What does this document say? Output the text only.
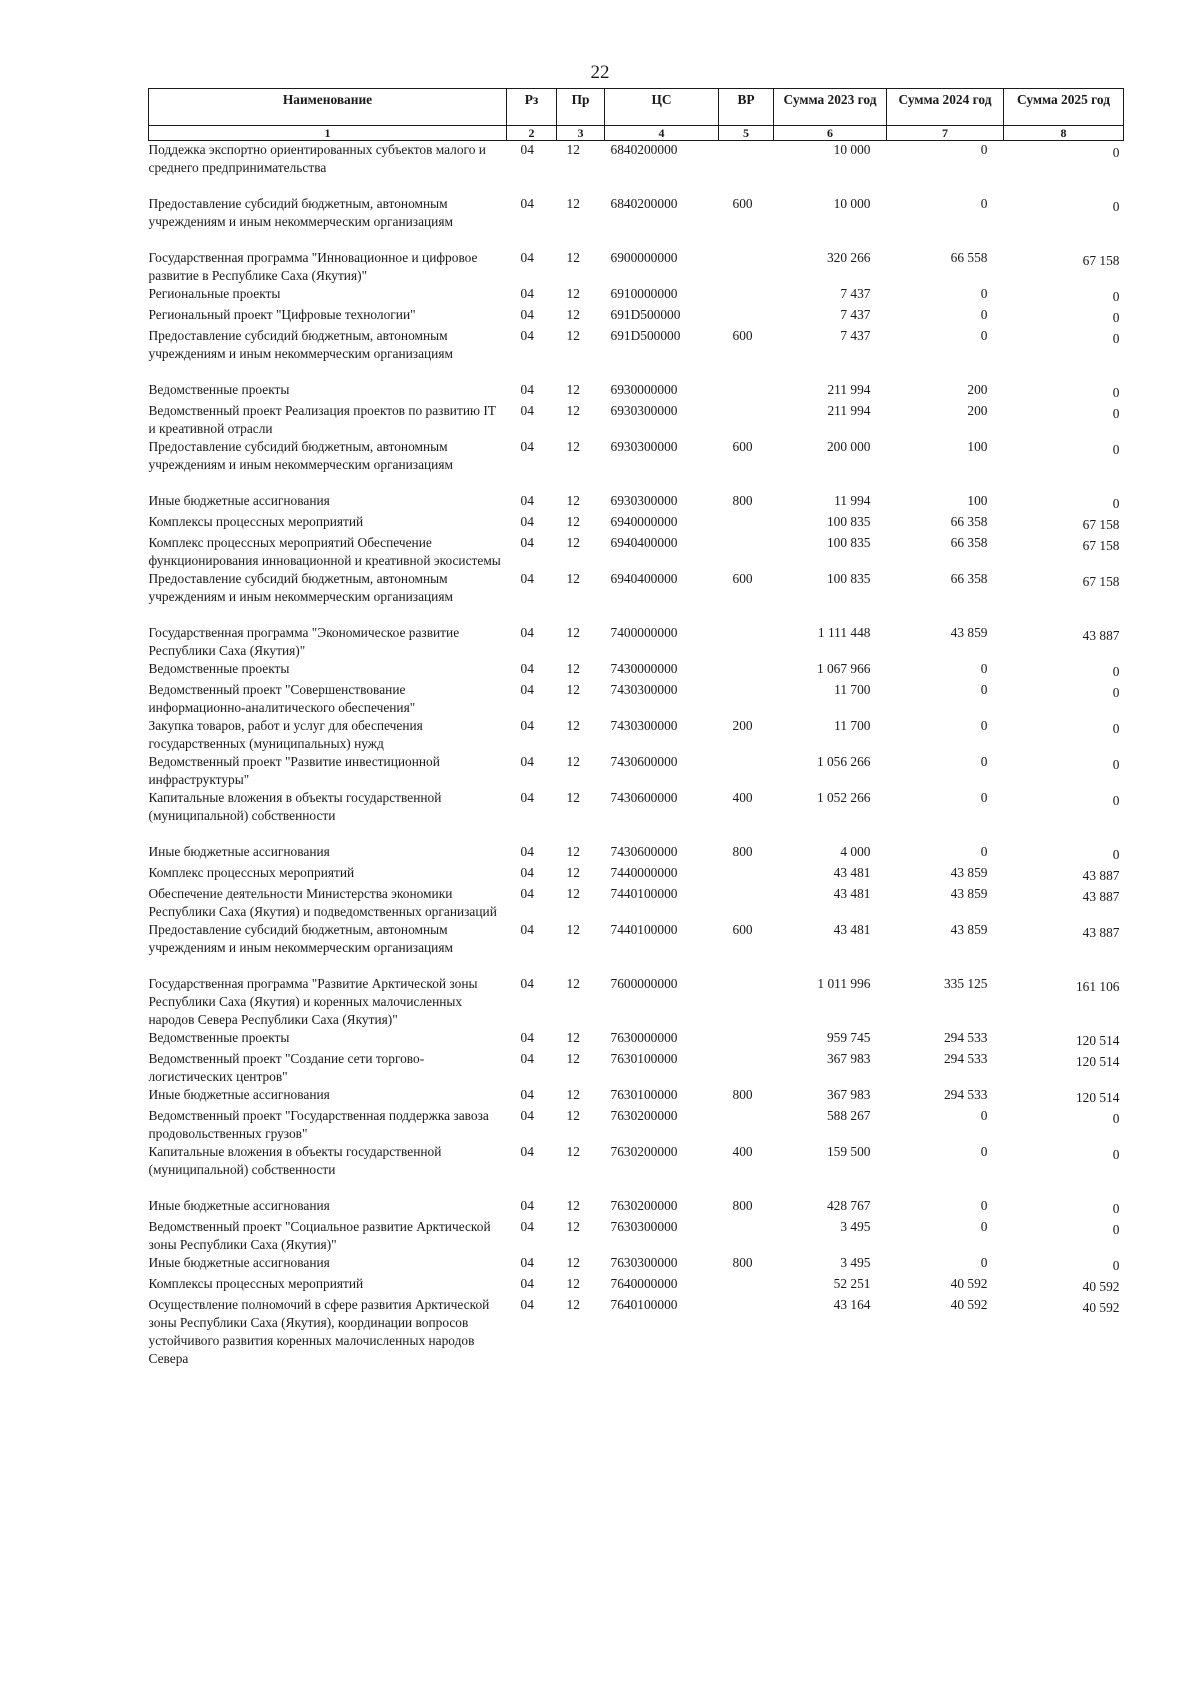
22
Наименование	Рз	Пр	ЦС	ВР	Сумма 2023 год	Сумма 2024 год	Сумма 2025 год
1	2	3	4	5	6	7	8
Поддежка экспортно ориентированных субъектов малого и среднего предпринимательства	04	12	6840200000		10 000	0	0
Предоставление субсидий бюджетным, автономным учреждениям и иным некоммерческим организациям	04	12	6840200000	600	10 000	0	0
Государственная программа "Инновационное и цифровое развитие в Республике Саха (Якутия)"	04	12	6900000000		320 266	66 558	67 158
Региональные проекты	04	12	6910000000		7 437	0	0
Региональный проект "Цифровые технологии"	04	12	691D500000		7 437	0	0
Предоставление субсидий бюджетным, автономным учреждениям и иным некоммерческим организациям	04	12	691D500000	600	7 437	0	0
Ведомственные проекты	04	12	6930000000		211 994	200	0
Ведомственный проект Реализация проектов по развитию IT и креативной отрасли	04	12	6930300000		211 994	200	0
Предоставление субсидий бюджетным, автономным учреждениям и иным некоммерческим организациям	04	12	6930300000	600	200 000	100	0
Иные бюджетные ассигнования	04	12	6930300000	800	11 994	100	0
Комплексы процессных мероприятий	04	12	6940000000		100 835	66 358	67 158
Комплекс процессных мероприятий Обеспечение функционирования инновационной и креативной экосистемы	04	12	6940400000		100 835	66 358	67 158
Предоставление субсидий бюджетным, автономным учреждениям и иным некоммерческим организациям	04	12	6940400000	600	100 835	66 358	67 158
Государственная программа "Экономическое развитие Республики Саха (Якутия)"	04	12	7400000000		1 111 448	43 859	43 887
Ведомственные проекты	04	12	7430000000		1 067 966	0	0
Ведомственный проект "Совершенствование информационно-аналитического обеспечения"	04	12	7430300000		11 700	0	0
Закупка товаров, работ и услуг для обеспечения государственных (муниципальных) нужд	04	12	7430300000	200	11 700	0	0
Ведомственный проект "Развитие инвестиционной инфраструктуры"	04	12	7430600000		1 056 266	0	0
Капитальные вложения в объекты государственной (муниципальной) собственности	04	12	7430600000	400	1 052 266	0	0
Иные бюджетные ассигнования	04	12	7430600000	800	4 000	0	0
Комплекс процессных мероприятий	04	12	7440000000		43 481	43 859	43 887
Обеспечение деятельности Министерства экономики Республики Саха (Якутия) и подведомственных организаций	04	12	7440100000		43 481	43 859	43 887
Предоставление субсидий бюджетным, автономным учреждениям и иным некоммерческим организациям	04	12	7440100000	600	43 481	43 859	43 887
Государственная программа "Развитие Арктической зоны Республики Саха (Якутия) и коренных малочисленных народов Севера Республики Саха (Якутия)"	04	12	7600000000		1 011 996	335 125	161 106
Ведомственные проекты	04	12	7630000000		959 745	294 533	120 514
Ведомственный проект "Создание сети торгово-логистических центров"	04	12	7630100000		367 983	294 533	120 514
Иные бюджетные ассигнования	04	12	7630100000	800	367 983	294 533	120 514
Ведомственный проект "Государственная поддержка завоза продовольственных грузов"	04	12	7630200000		588 267	0	0
Капитальные вложения в объекты государственной (муниципальной) собственности	04	12	7630200000	400	159 500	0	0
Иные бюджетные ассигнования	04	12	7630200000	800	428 767	0	0
Ведомственный проект "Социальное развитие Арктической зоны Республики Саха (Якутия)"	04	12	7630300000		3 495	0	0
Иные бюджетные ассигнования	04	12	7630300000	800	3 495	0	0
Комплексы процессных мероприятий	04	12	7640000000		52 251	40 592	40 592
Осуществление полномочий в сфере развития Арктической зоны Республики Саха (Якутия), координации вопросов устойчивого развития коренных малочисленных народов Севера	04	12	7640100000		43 164	40 592	40 592
